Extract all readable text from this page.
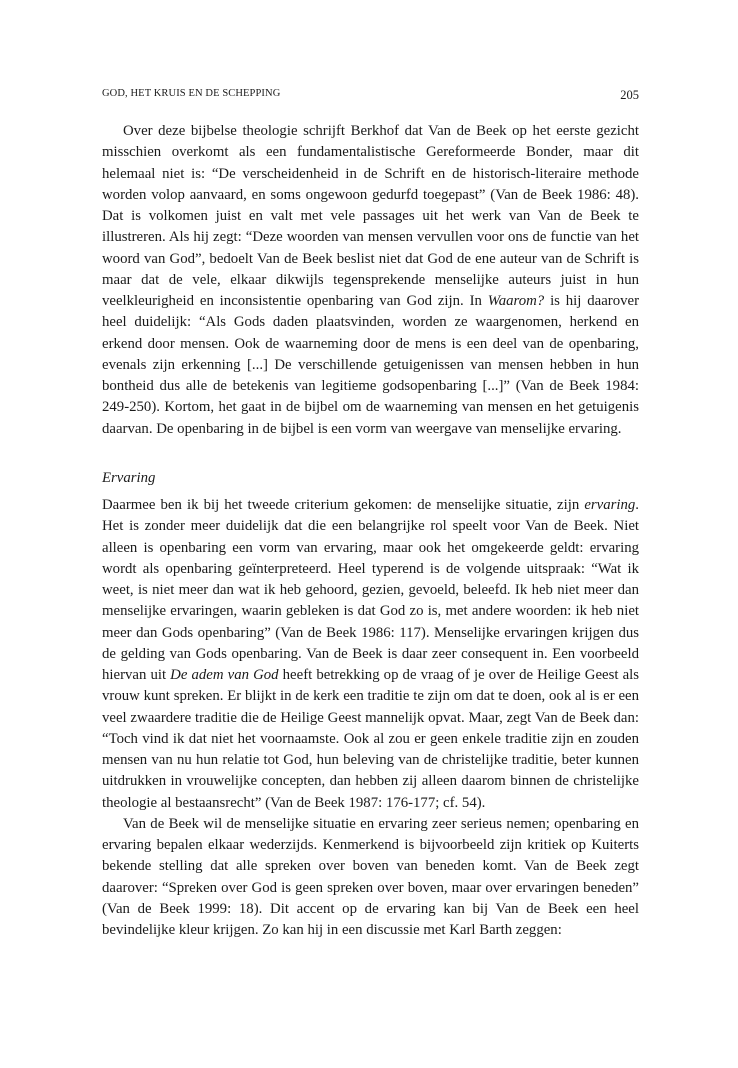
GOD, HET KRUIS EN DE SCHEPPING	205

Over deze bijbelse theologie schrijft Berkhof dat Van de Beek op het eerste gezicht misschien overkomt als een fundamentalistische Gereformeerde Bonder, maar dit helemaal niet is: “De verscheidenheid in de Schrift en de historisch-literaire methode worden volop aanvaard, en soms ongewoon gedurfd toegepast” (Van de Beek 1986: 48). Dat is volkomen juist en valt met vele passages uit het werk van Van de Beek te illustreren. Als hij zegt: “Deze woorden van mensen vervullen voor ons de functie van het woord van God”, bedoelt Van de Beek beslist niet dat God de ene auteur van de Schrift is maar dat de vele, elkaar dikwijls tegensprekende menselijke auteurs juist in hun veelkleurigheid en inconsistentie openbaring van God zijn. In Waarom? is hij daarover heel duidelijk: “Als Gods daden plaatsvinden, worden ze waargenomen, herkend en erkend door mensen. Ook de waarneming door de mens is een deel van de openbaring, evenals zijn erkenning [...] De verschillende getuigenissen van mensen hebben in hun bontheid dus alle de betekenis van legitieme godsopenbaring [...]” (Van de Beek 1984: 249-250). Kortom, het gaat in de bijbel om de waarneming van mensen en het getuigenis daarvan. De openbaring in de bijbel is een vorm van weergave van menselijke ervaring.

Ervaring

Daarmee ben ik bij het tweede criterium gekomen: de menselijke situatie, zijn ervaring. Het is zonder meer duidelijk dat die een belangrijke rol speelt voor Van de Beek. Niet alleen is openbaring een vorm van ervaring, maar ook het omgekeerde geldt: ervaring wordt als openbaring geïnterpreteerd. Heel typerend is de volgende uitspraak: “Wat ik weet, is niet meer dan wat ik heb gehoord, gezien, gevoeld, beleefd. Ik heb niet meer dan menselijke ervaringen, waarin gebleken is dat God zo is, met andere woorden: ik heb niet meer dan Gods openbaring” (Van de Beek 1986: 117). Menselijke ervaringen krijgen dus de gelding van Gods openbaring. Van de Beek is daar zeer consequent in. Een voorbeeld hiervan uit De adem van God heeft betrekking op de vraag of je over de Heilige Geest als vrouw kunt spreken. Er blijkt in de kerk een traditie te zijn om dat te doen, ook al is er een veel zwaardere traditie die de Heilige Geest mannelijk opvat. Maar, zegt Van de Beek dan: “Toch vind ik dat niet het voornaamste. Ook al zou er geen enkele traditie zijn en zouden mensen van nu hun relatie tot God, hun beleving van de christelijke traditie, beter kunnen uitdrukken in vrouwelijke concepten, dan hebben zij alleen daarom binnen de christelijke theologie al bestaansrecht” (Van de Beek 1987: 176-177; cf. 54).

Van de Beek wil de menselijke situatie en ervaring zeer serieus nemen; openbaring en ervaring bepalen elkaar wederzijds. Kenmerkend is bijvoorbeeld zijn kritiek op Kuiterts bekende stelling dat alle spreken over boven van beneden komt. Van de Beek zegt daarover: “Spreken over God is geen spreken over boven, maar over ervaringen beneden” (Van de Beek 1999: 18). Dit accent op de ervaring kan bij Van de Beek een heel bevindelijke kleur krijgen. Zo kan hij in een discussie met Karl Barth zeggen:
